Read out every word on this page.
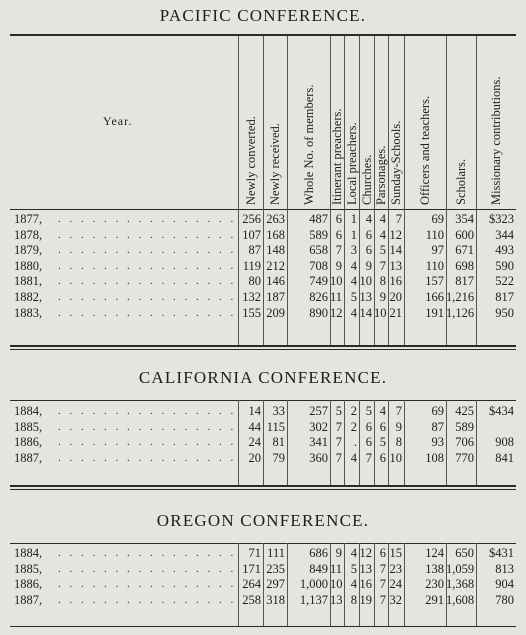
PACIFIC CONFERENCE.
Year.	Newly converted. Newly received. Whole No. of members. Itinerant preachers. Local preachers. Churches. Parsonages. Sunday-Schools. Officers and teachers. Scholars. Missionary contributions.
1877, . . . . . . . . . . . . . . . . 256 263	487 6 1 4 4 7	69 354	$323
1878, . . . . . . . . . . . . . . . . 107 168	589 6 1 6 4 12	110 600	344
1879, . . . . . . . . . . . . . . . . 87 148	658 7 3 6 5 14	97 671	493
1880, . . . . . . . . . . . . . . . . 119 212	708 9 4 9 7 13	110 698	590
1881, . . . . . . . . . . . . . . . . 80 146	749 10 4 10 8 16	157 817	522
1882, . . . . . . . . . . . . . . . . 132 187	826 11 5 13 9 20	166 1,216	817
1883, . . . . . . . . . . . . . . . . 155 209	890 12 4 14 10 21	191 1,126	950
CALIFORNIA CONFERENCE.
1884, . . . . . . . . . . . . . . . . 14 33	257 5 2 5 4 7	69 425	$434
1885, . . . . . . . . . . . . . . . . 44 115	302 7 2 6 6 9	87 589
1886, . . . . . . . . . . . . . . . . 24 81	341 7 . 6 5 8	93 706	908
1887, . . . . . . . . . . . . . . . . 20 79	360 7 4 7 6 10	108 770	841
OREGON CONFERENCE.
1884, . . . . . . . . . . . . . . . . 71 111	686 9 4 12 6 15	124 650	$431
1885, . . . . . . . . . . . . . . . . 171 235	849 11 5 13 7 23	138 1,059	813
1886, . . . . . . . . . . . . . . . . 264 297	1,000 10 4 16 7 24	230 1,368	904
1887, . . . . . . . . . . . . . . . . 258 318	1,137 13 8 19 7 32	291 1,608	780
